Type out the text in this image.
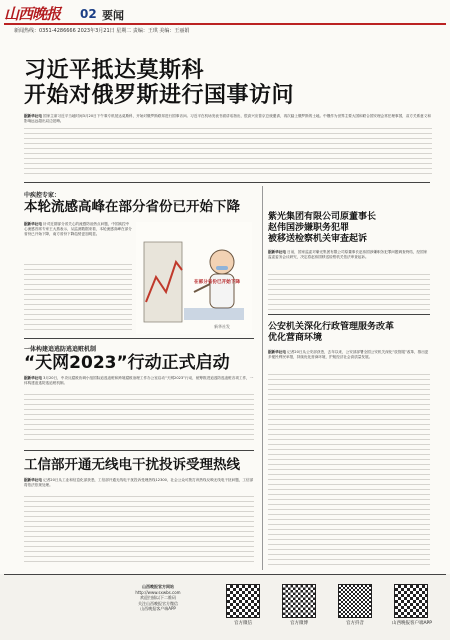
山西晚报 02 要闻
新闻热线：0351-4286666 2023年3月21日 星期二 责编：王琪 美编：王丽娟
习近平抵达莫斯科
开始对俄罗斯进行国事访问
据新华社电 国家主席习近平当地时间3月20日下午乘专机抵达莫斯科，开始对俄罗斯联邦进行国事访问。习近平在机场发表书面讲话指出，很高兴应普京总统邀请，再次踏上俄罗斯的土地。中俄作为世界主要大国和联合国安理会常任理事国，双方关系意义和影响远远超出双边范畴。
中疾控专家：
本轮流感高峰在部分省份已开始下降
据新华社电 针对近期部分省关心的流感防治热点问题，中国疾控中心流感首席专家王大燕表示，从监测数据来看，本轮流感高峰在部分省份已开始下降，南方省份下降趋势更加明显。
在部分省份已开始下降
新华社发
一体构建追逃防逃追赃机制
“天网2023”行动正式启动
据新华社电 3月20日，中央反腐败协调小组国际追逃追赃和跨境腐败治理工作办公室启动“天网2023”行动，统筹推进追逃防逃追赃各项工作，一体构建追逃防逃追赃机制。
工信部开通无线电干扰投诉受理热线
据新华社电 记者20日从工业和信息化部获悉，工信部开通无线电干扰投诉受理热线12300，社会公众可拨打该热线反映无线电干扰问题，工信部将依法依规处理。
紫光集团有限公司原董事长
赵伟国涉嫌职务犯罪
被移送检察机关审查起诉
据新华社电 日前，国家监委对紫光集团有限公司原董事长赵伟国涉嫌职务犯罪问题调查终结，经国家监委委务会议研究，决定将赵伟国移送检察机关依法审查起诉。
公安机关深化行政管理服务改革
优化营商环境
据新华社电 记者20日从公安部获悉，去年以来，公安部部署全国公安机关深化“放管服”改革，推出更多便民利民举措，持续优化营商环境，护航经济社会高质量发展。
山西晚报官方网站
http://www.sxwbs.com
欢迎扫描以下二维码
关注山西晚报官方微信
山西晚报客户端APP
官方微信	官方微博	官方抖音	山西晚报客户端APP
